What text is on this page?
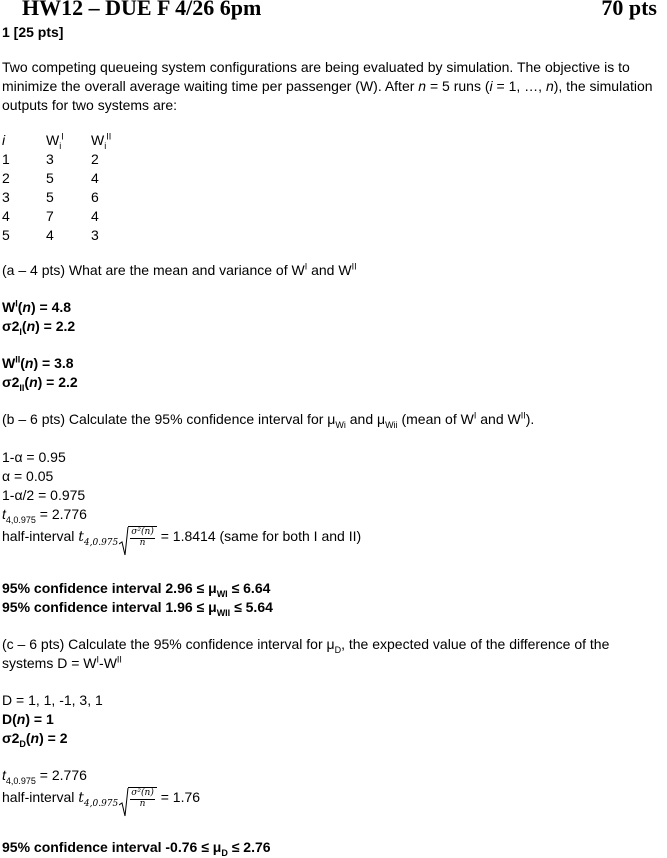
HW12 – DUE F 4/26 6pm	70 pts
1 [25 pts]
Two competing queueing system configurations are being evaluated by simulation. The objective is to minimize the overall average waiting time per passenger (W). After n = 5 runs (i = 1, …, n), the simulation outputs for two systems are:
i	$W_i^I$ $W_i^{II}$
1	3	2
2	5	4
3	5	6
4	7	4
5	4	3
(a – 4 pts) What are the mean and variance of $W^I$ and $W^{II}$
$W^I(n) = 4.8$
$\sigma 2_I(n) = 2.2$
$W^{II}(n) = 3.8$
$\sigma 2_{II}(n) = 2.2$
(b – 6 pts) Calculate the 95% confidence interval for $\mu_{Wi}$ and $\mu_{Wii}$ (mean of $W^I$ and $W^{II}$).
1-α = 0.95
α = 0.05
1-α/2 = 0.975
$t_{4,0.975} = 2.776$
half-interval $t_{4,0.975} \frac{\text{σ²(n)}}{n} = 1.8414$ (same for both I and II)
95% confidence interval $2.96 \le \mu_{WI} \le 6.64$
95% confidence interval $1.96 \le \mu_{WII} \le 5.64$
(c – 6 pts) Calculate the 95% confidence interval for $\mu_D$, the expected value of the difference of the systems $D = W^I-W^{II}$
D = 1, 1, -1, 3, 1
D(n) = 1
$\sigma 2_D(n) = 2$
$t_{4,0.975} = 2.776$
half-interval $t_{4,0.975} \frac{\text{σ²(n)}}{n} = 1.76$
95% confidence interval $-0.76 \le \mu_D \le 2.76$
